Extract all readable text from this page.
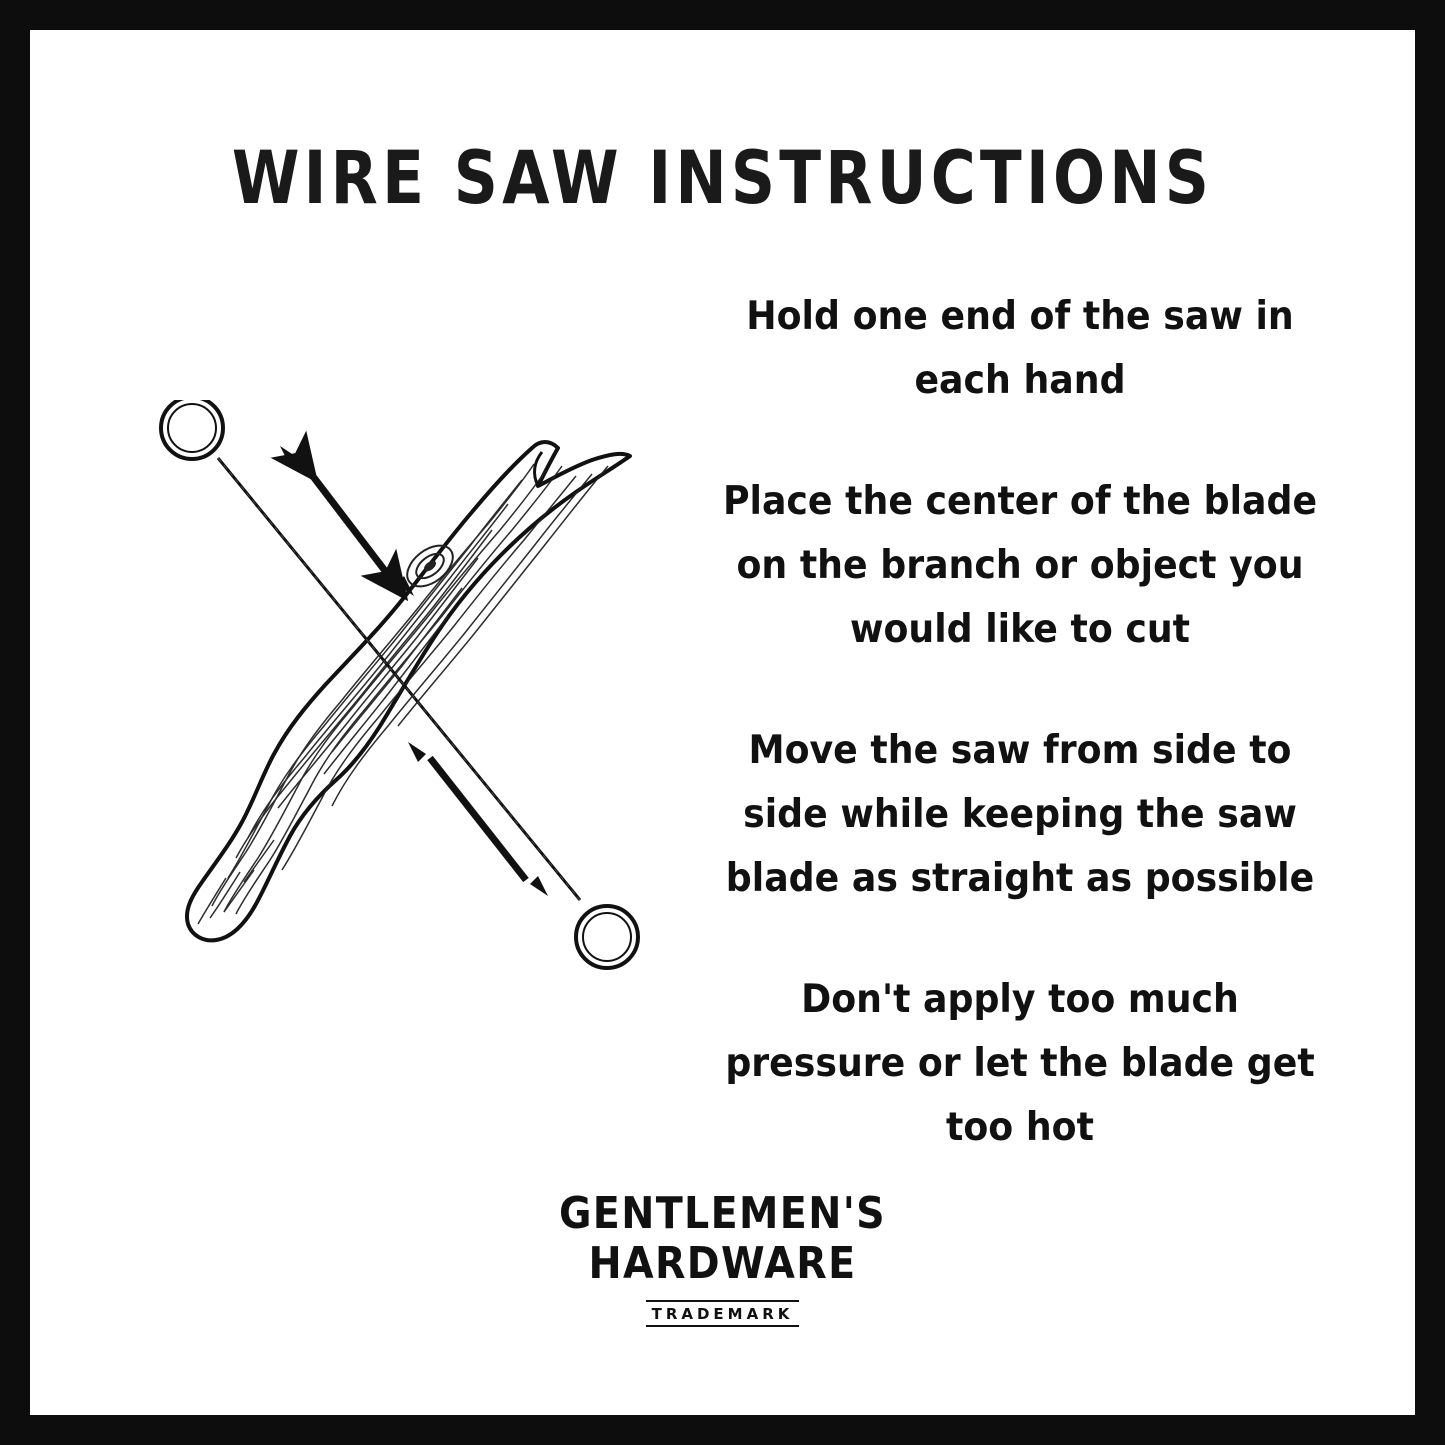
WIRE SAW INSTRUCTIONS
Hold one end of the saw in each hand
Place the center of the blade on the branch or object you would like to cut
Move the saw from side to side while keeping the saw blade as straight as possible
Don't apply too much pressure or let the blade get too hot
GENTLEMEN'S
HARDWARE
TRADEMARK
